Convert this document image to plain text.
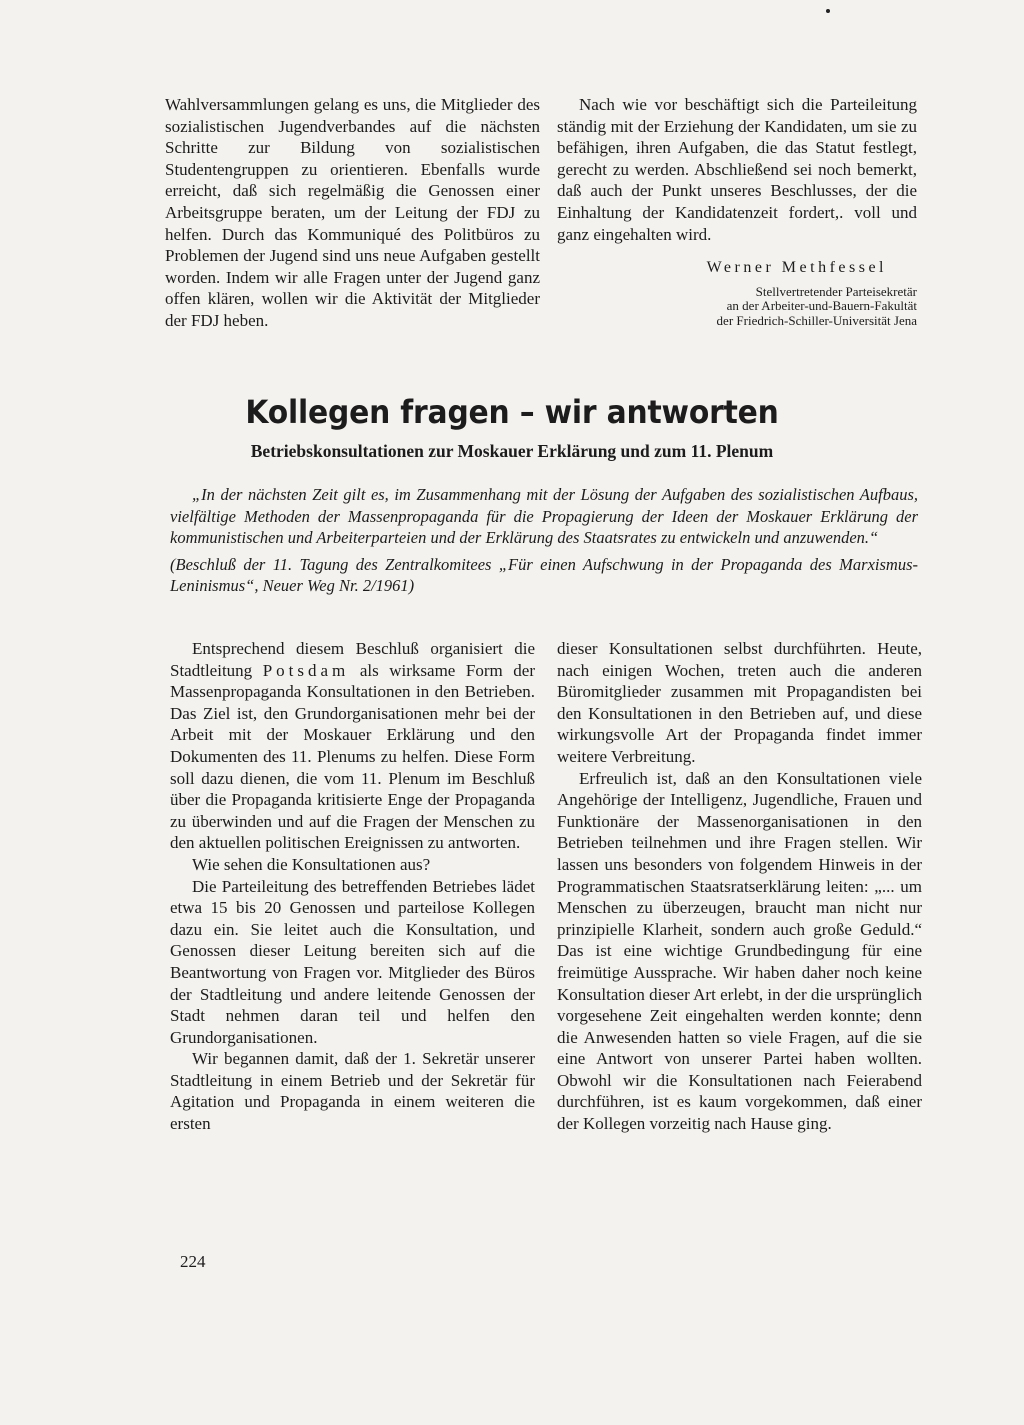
Wahlversammlungen gelang es uns, die Mitglieder des sozialistischen Jugendverbandes auf die nächsten Schritte zur Bildung von sozialistischen Studentengruppen zu orientieren. Ebenfalls wurde erreicht, daß sich regelmäßig die Genossen einer Arbeitsgruppe beraten, um der Leitung der FDJ zu helfen. Durch das Kommuniqué des Politbüros zu Problemen der Jugend sind uns neue Aufgaben gestellt worden. Indem wir alle Fragen unter der Jugend ganz offen klären, wollen wir die Aktivität der Mitglieder der FDJ heben.

Nach wie vor beschäftigt sich die Parteileitung ständig mit der Erziehung der Kandidaten, um sie zu befähigen, ihren Aufgaben, die das Statut festlegt, gerecht zu werden. Abschließend sei noch bemerkt, daß auch der Punkt unseres Beschlusses, der die Einhaltung der Kandidatenzeit fordert,. voll und ganz eingehalten wird.

Werner Methfessel
Stellvertretender Parteisekretär
an der Arbeiter-und-Bauern-Fakultät
der Friedrich-Schiller-Universität Jena
Kollegen fragen – wir antworten
Betriebskonsultationen zur Moskauer Erklärung und zum 11. Plenum

„In der nächsten Zeit gilt es, im Zusammenhang mit der Lösung der Aufgaben des sozialistischen Aufbaus, vielfältige Methoden der Massenpropaganda für die Propagierung der Ideen der Moskauer Erklärung der kommunistischen und Arbeiterparteien und der Erklärung des Staatsrates zu entwickeln und anzuwenden.“

(Beschluß der 11. Tagung des Zentralkomitees „Für einen Aufschwung in der Propaganda des Marxismus-Leninismus“, Neuer Weg Nr. 2/1961)

Entsprechend diesem Beschluß organisiert die Stadtleitung Potsdam als wirksame Form der Massenpropaganda Konsultationen in den Betrieben. Das Ziel ist, den Grundorganisationen mehr bei der Arbeit mit der Moskauer Erklärung und den Dokumenten des 11. Plenums zu helfen. Diese Form soll dazu dienen, die vom 11. Plenum im Beschluß über die Propaganda kritisierte Enge der Propaganda zu überwinden und auf die Fragen der Menschen zu den aktuellen politischen Ereignissen zu antworten.

Wie sehen die Konsultationen aus?

Die Parteileitung des betreffenden Betriebes lädet etwa 15 bis 20 Genossen und parteilose Kollegen dazu ein. Sie leitet auch die Konsultation, und Genossen dieser Leitung bereiten sich auf die Beantwortung von Fragen vor. Mitglieder des Büros der Stadtleitung und andere leitende Genossen der Stadt nehmen daran teil und helfen den Grundorganisationen.

Wir begannen damit, daß der 1. Sekretär unserer Stadtleitung in einem Betrieb und der Sekretär für Agitation und Propaganda in einem weiteren die ersten

dieser Konsultationen selbst durchführten. Heute, nach einigen Wochen, treten auch die anderen Büromitglieder zusammen mit Propagandisten bei den Konsultationen in den Betrieben auf, und diese wirkungsvolle Art der Propaganda findet immer weitere Verbreitung.

Erfreulich ist, daß an den Konsultationen viele Angehörige der Intelligenz, Jugendliche, Frauen und Funktionäre der Massenorganisationen in den Betrieben teilnehmen und ihre Fragen stellen. Wir lassen uns besonders von folgendem Hinweis in der Programmatischen Staatsratserklärung leiten: „... um Menschen zu überzeugen, braucht man nicht nur prinzipielle Klarheit, sondern auch große Geduld.“ Das ist eine wichtige Grundbedingung für eine freimütige Aussprache. Wir haben daher noch keine Konsultation dieser Art erlebt, in der die ursprünglich vorgesehene Zeit eingehalten werden konnte; denn die Anwesenden hatten so viele Fragen, auf die sie eine Antwort von unserer Partei haben wollten. Obwohl wir die Konsultationen nach Feierabend durchführen, ist es kaum vorgekommen, daß einer der Kollegen vorzeitig nach Hause ging.

224
